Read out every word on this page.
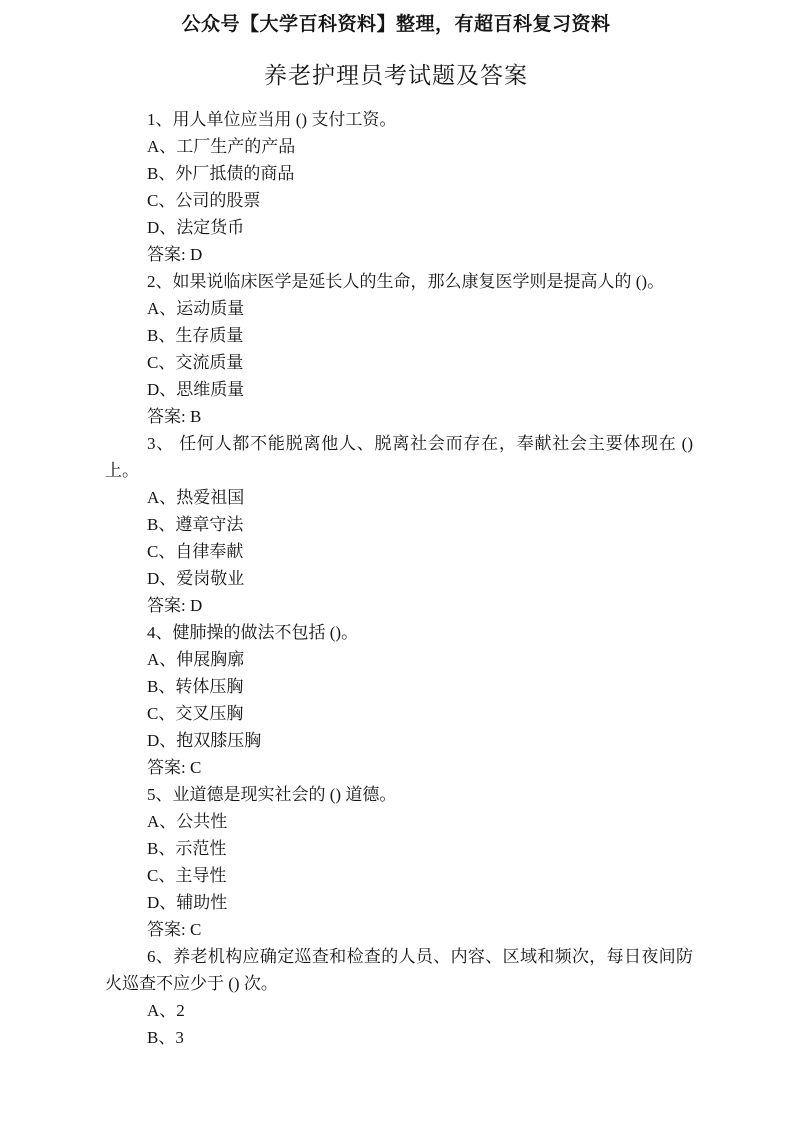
公众号【大学百科资料】整理，有超百科复习资料
养老护理员考试题及答案

1、用人单位应当用 () 支付工资。

A、工厂生产的产品

B、外厂抵债的商品

C、公司的股票

D、法定货币

答案: D

2、如果说临床医学是延长人的生命，那么康复医学则是提高人的 ()。

A、运动质量

B、生存质量

C、交流质量

D、思维质量

答案: B

3、 任何人都不能脱离他人、脱离社会而存在，奉献社会主要体现在 () 上。

A、热爱祖国

B、遵章守法

C、自律奉献

D、爱岗敬业

答案: D

4、健肺操的做法不包括 ()。

A、伸展胸廓

B、转体压胸

C、交叉压胸

D、抱双膝压胸

答案: C

5、业道德是现实社会的 () 道德。

A、公共性

B、示范性

C、主导性

D、辅助性

答案: C

6、养老机构应确定巡查和检查的人员、内容、区域和频次，每日夜间防火巡查不应少于 () 次。

A、2

B、3
